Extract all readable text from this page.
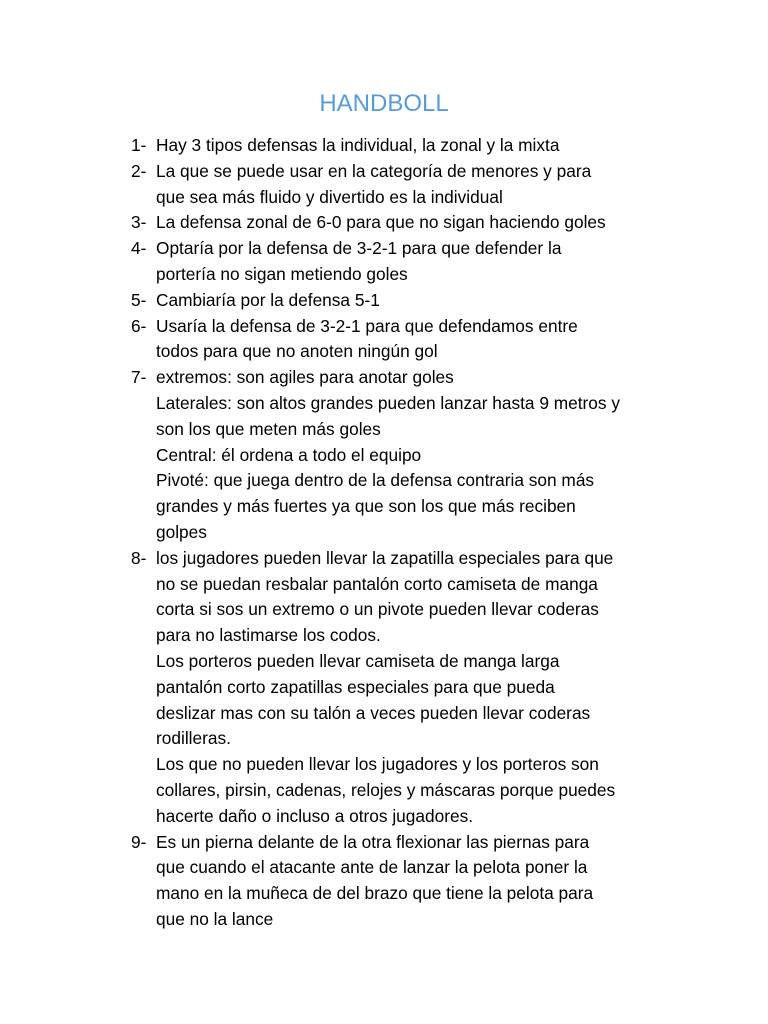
HANDBOLL
1- Hay 3 tipos defensas la individual, la zonal y la mixta
2- La que se puede usar en la categoría de menores y para
que sea más fluido y divertido es la individual
3- La defensa zonal de 6-0 para que no sigan haciendo goles
4- Optaría por la defensa de 3-2-1 para que defender la
portería no sigan metiendo goles
5- Cambiaría por la defensa 5-1
6- Usaría la defensa de 3-2-1 para que defendamos entre
todos para que no anoten ningún gol
7- extremos: son agiles para anotar goles
Laterales: son altos grandes pueden lanzar hasta 9 metros y
son los que meten más goles
Central: él ordena a todo el equipo
Pivoté: que juega dentro de la defensa contraria son más
grandes y más fuertes ya que son los que más reciben
golpes
8- los jugadores pueden llevar la zapatilla especiales para que
no se puedan resbalar pantalón corto camiseta de manga
corta si sos un extremo o un pivote pueden llevar coderas
para no lastimarse los codos.
Los porteros pueden llevar camiseta de manga larga
pantalón corto zapatillas especiales para que pueda
deslizar mas con su talón a veces pueden llevar coderas
rodilleras.
Los que no pueden llevar los jugadores y los porteros son
collares, pirsin, cadenas, relojes y máscaras porque puedes
hacerte daño o incluso a otros jugadores.
9- Es un pierna delante de la otra flexionar las piernas para
que cuando el atacante ante de lanzar la pelota poner la
mano en la muñeca de del brazo que tiene la pelota para
que no la lance
